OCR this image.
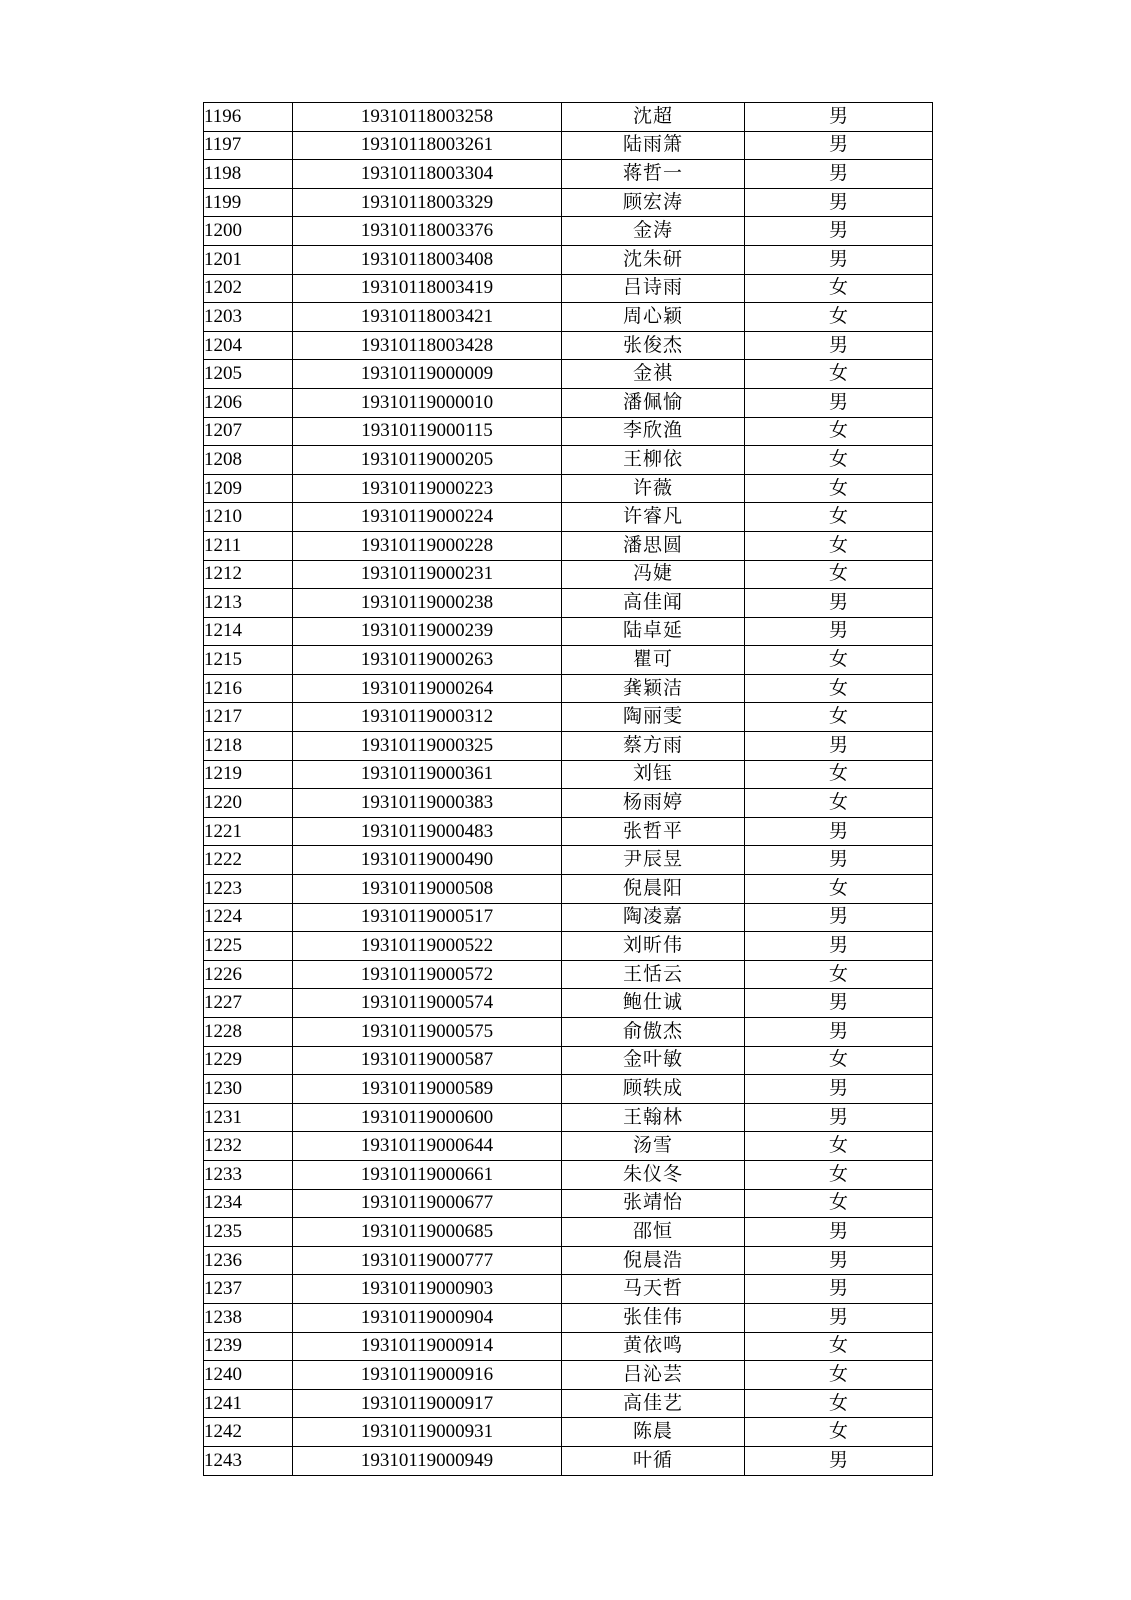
1196	19310118003258	沈超	男
1197	19310118003261	陆雨箫	男
1198	19310118003304	蒋哲一	男
1199	19310118003329	顾宏涛	男
1200	19310118003376	金涛	男
1201	19310118003408	沈朱研	男
1202	19310118003419	吕诗雨	女
1203	19310118003421	周心颖	女
1204	19310118003428	张俊杰	男
1205	19310119000009	金祺	女
1206	19310119000010	潘佩愉	男
1207	19310119000115	李欣渔	女
1208	19310119000205	王柳依	女
1209	19310119000223	许薇	女
1210	19310119000224	许睿凡	女
1211	19310119000228	潘思圆	女
1212	19310119000231	冯婕	女
1213	19310119000238	高佳闻	男
1214	19310119000239	陆卓延	男
1215	19310119000263	瞿可	女
1216	19310119000264	龚颖洁	女
1217	19310119000312	陶丽雯	女
1218	19310119000325	蔡方雨	男
1219	19310119000361	刘钰	女
1220	19310119000383	杨雨婷	女
1221	19310119000483	张哲平	男
1222	19310119000490	尹辰昱	男
1223	19310119000508	倪晨阳	女
1224	19310119000517	陶凌嘉	男
1225	19310119000522	刘昕伟	男
1226	19310119000572	王恬云	女
1227	19310119000574	鲍仕诚	男
1228	19310119000575	俞傲杰	男
1229	19310119000587	金叶敏	女
1230	19310119000589	顾轶成	男
1231	19310119000600	王翰林	男
1232	19310119000644	汤雪	女
1233	19310119000661	朱仪冬	女
1234	19310119000677	张靖怡	女
1235	19310119000685	邵恒	男
1236	19310119000777	倪晨浩	男
1237	19310119000903	马天哲	男
1238	19310119000904	张佳伟	男
1239	19310119000914	黄依鸣	女
1240	19310119000916	吕沁芸	女
1241	19310119000917	高佳艺	女
1242	19310119000931	陈晨	女
1243	19310119000949	叶循	男
